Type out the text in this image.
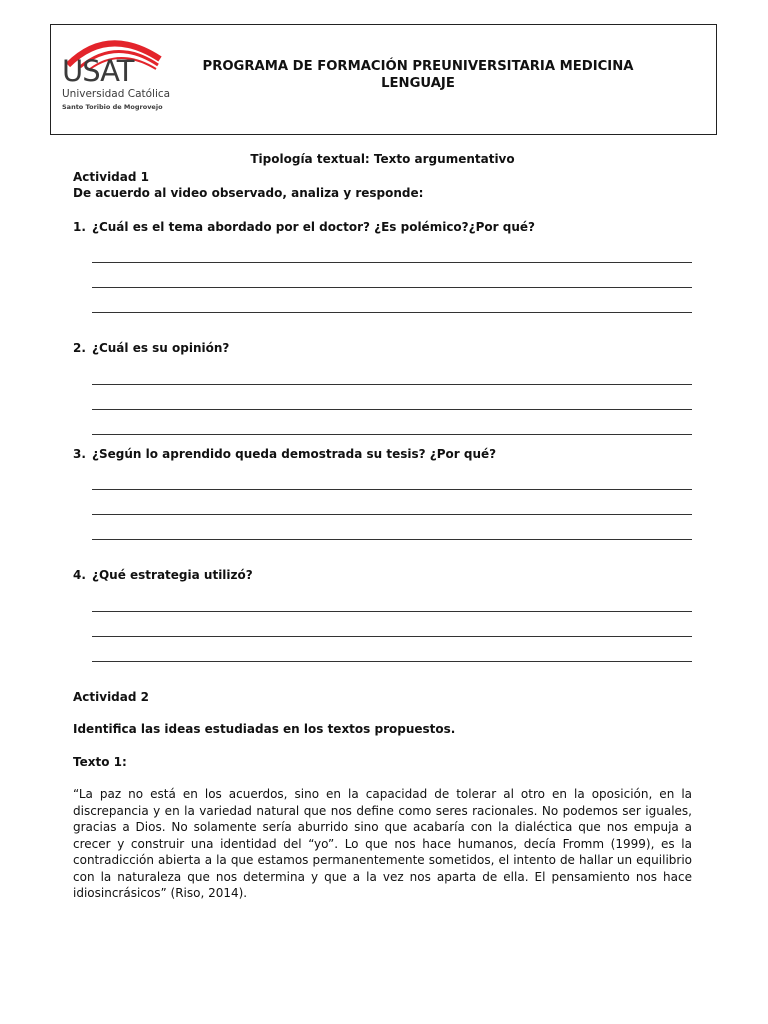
USAT
Universidad Católica
Santo Toribio de Mogrovejo
PROGRAMA DE FORMACIÓN PREUNIVERSITARIA MEDICINA
LENGUAJE

Tipología textual: Texto argumentativo

Actividad 1

De acuerdo al video observado, analiza y responde:

1. ¿Cuál es el tema abordado por el doctor? ¿Es polémico?¿Por qué?

2. ¿Cuál es su opinión?

3. ¿Según lo aprendido queda demostrada su tesis? ¿Por qué?

4. ¿Qué estrategia utilizó?

Actividad 2

Identifica las ideas estudiadas en los textos propuestos.

Texto 1:

“La paz no está en los acuerdos, sino en la capacidad de tolerar al otro en la oposición, en la discrepancia y en la variedad natural que nos define como seres racionales. No podemos ser iguales, gracias a Dios. No solamente sería aburrido sino que acabaría con la dialéctica que nos empuja a crecer y construir una identidad del “yo”. Lo que nos hace humanos, decía Fromm (1999), es la contradicción abierta a la que estamos permanentemente sometidos, el intento de hallar un equilibrio con la naturaleza que nos determina y que a la vez nos aparta de ella. El pensamiento nos hace idiosincrásicos” (Riso, 2014).
